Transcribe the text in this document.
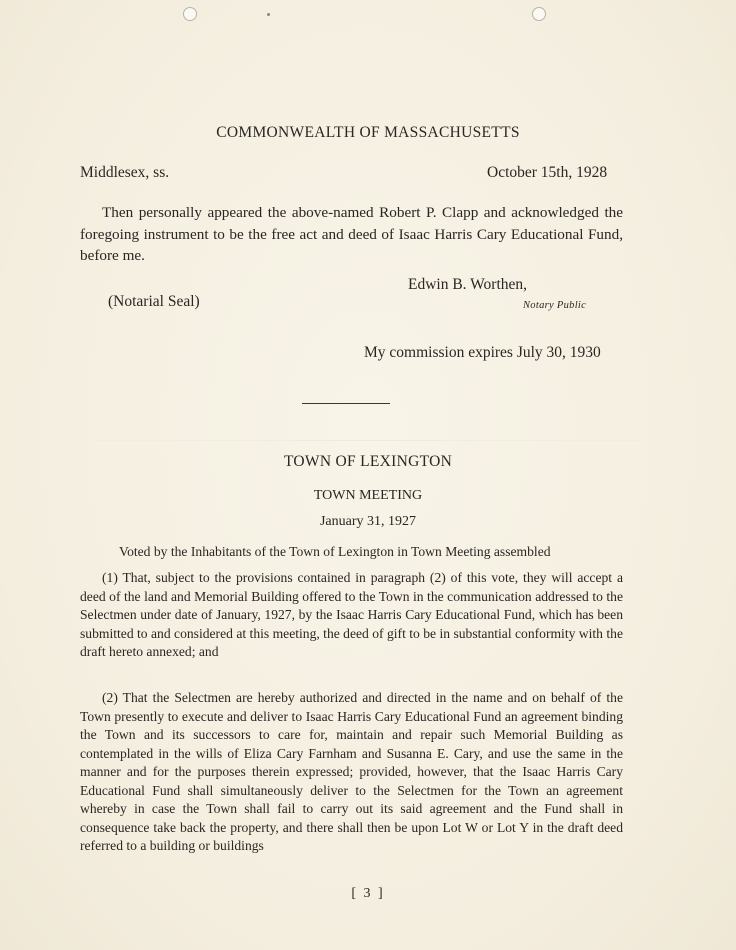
COMMONWEALTH OF MASSACHUSETTS
Middlesex, ss.	October 15th, 1928
Then personally appeared the above-named Robert P. Clapp and acknowledged the foregoing instrument to be the free act and deed of Isaac Harris Cary Educational Fund, before me.
Edwin B. Worthen,
Notary Public
(Notarial Seal)
My commission expires July 30, 1930
TOWN OF LEXINGTON
TOWN MEETING
January 31, 1927
Voted by the Inhabitants of the Town of Lexington in Town Meeting assembled
(1) That, subject to the provisions contained in paragraph (2) of this vote, they will accept a deed of the land and Memorial Building offered to the Town in the communication addressed to the Selectmen under date of January, 1927, by the Isaac Harris Cary Educational Fund, which has been submitted to and considered at this meeting, the deed of gift to be in substantial conformity with the draft hereto annexed; and
(2) That the Selectmen are hereby authorized and directed in the name and on behalf of the Town presently to execute and deliver to Isaac Harris Cary Educational Fund an agreement binding the Town and its successors to care for, maintain and repair such Memorial Building as contemplated in the wills of Eliza Cary Farnham and Susanna E. Cary, and use the same in the manner and for the purposes therein expressed; provided, however, that the Isaac Harris Cary Educational Fund shall simultaneously deliver to the Selectmen for the Town an agreement whereby in case the Town shall fail to carry out its said agreement and the Fund shall in consequence take back the property, and there shall then be upon Lot W or Lot Y in the draft deed referred to a building or buildings
[ 3 ]
